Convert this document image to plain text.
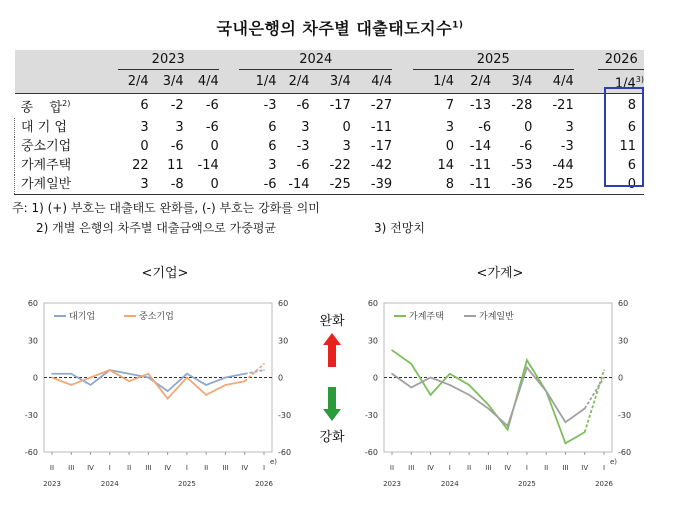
국내은행의 차주별 대출태도지수$^{1)}$
	2023				2024					2025					2026
	2/4	3/4	4/4		1/4	2/4	3/4	4/4		1/4	2/4	3/4	4/4		1/4$^{3)}$
종    합$^{2)}$	6	-2	-6		-3	-6	-17	-27		7	-13	-28	-21		8
대 기 업	3	3	-6		6	3	0	-11		3	-6	0	3		6
중소기업	0	-6	0		6	-3	3	-17		0	-14	-6	-3		11
가계주택	22	11	-14		3	-6	-22	-42		14	-11	-53	-44		6
가계일반	3	-8	0		-6	-14	-25	-39		8	-11	-36	-25		0
주: 1) (+) 부호는 대출태도 완화를, (-) 부호는 강화를 의미
2) 개별 은행의 차주별 대출금액으로 가중평균	3) 전망치
<기업>	<가계>
60	60
30	30
0	0
-30	-30
-60	-60
II III IV I II III IV I II III IV I
e)
2023	2024	2025	2026
대기업	중소기업
60	60
30	30
0	0
-30	-30
-60	-60
II III IV I II III IV I II III IV I
e)
2023	2024	2025	2026
가계주택	가계일반
완화
강화
